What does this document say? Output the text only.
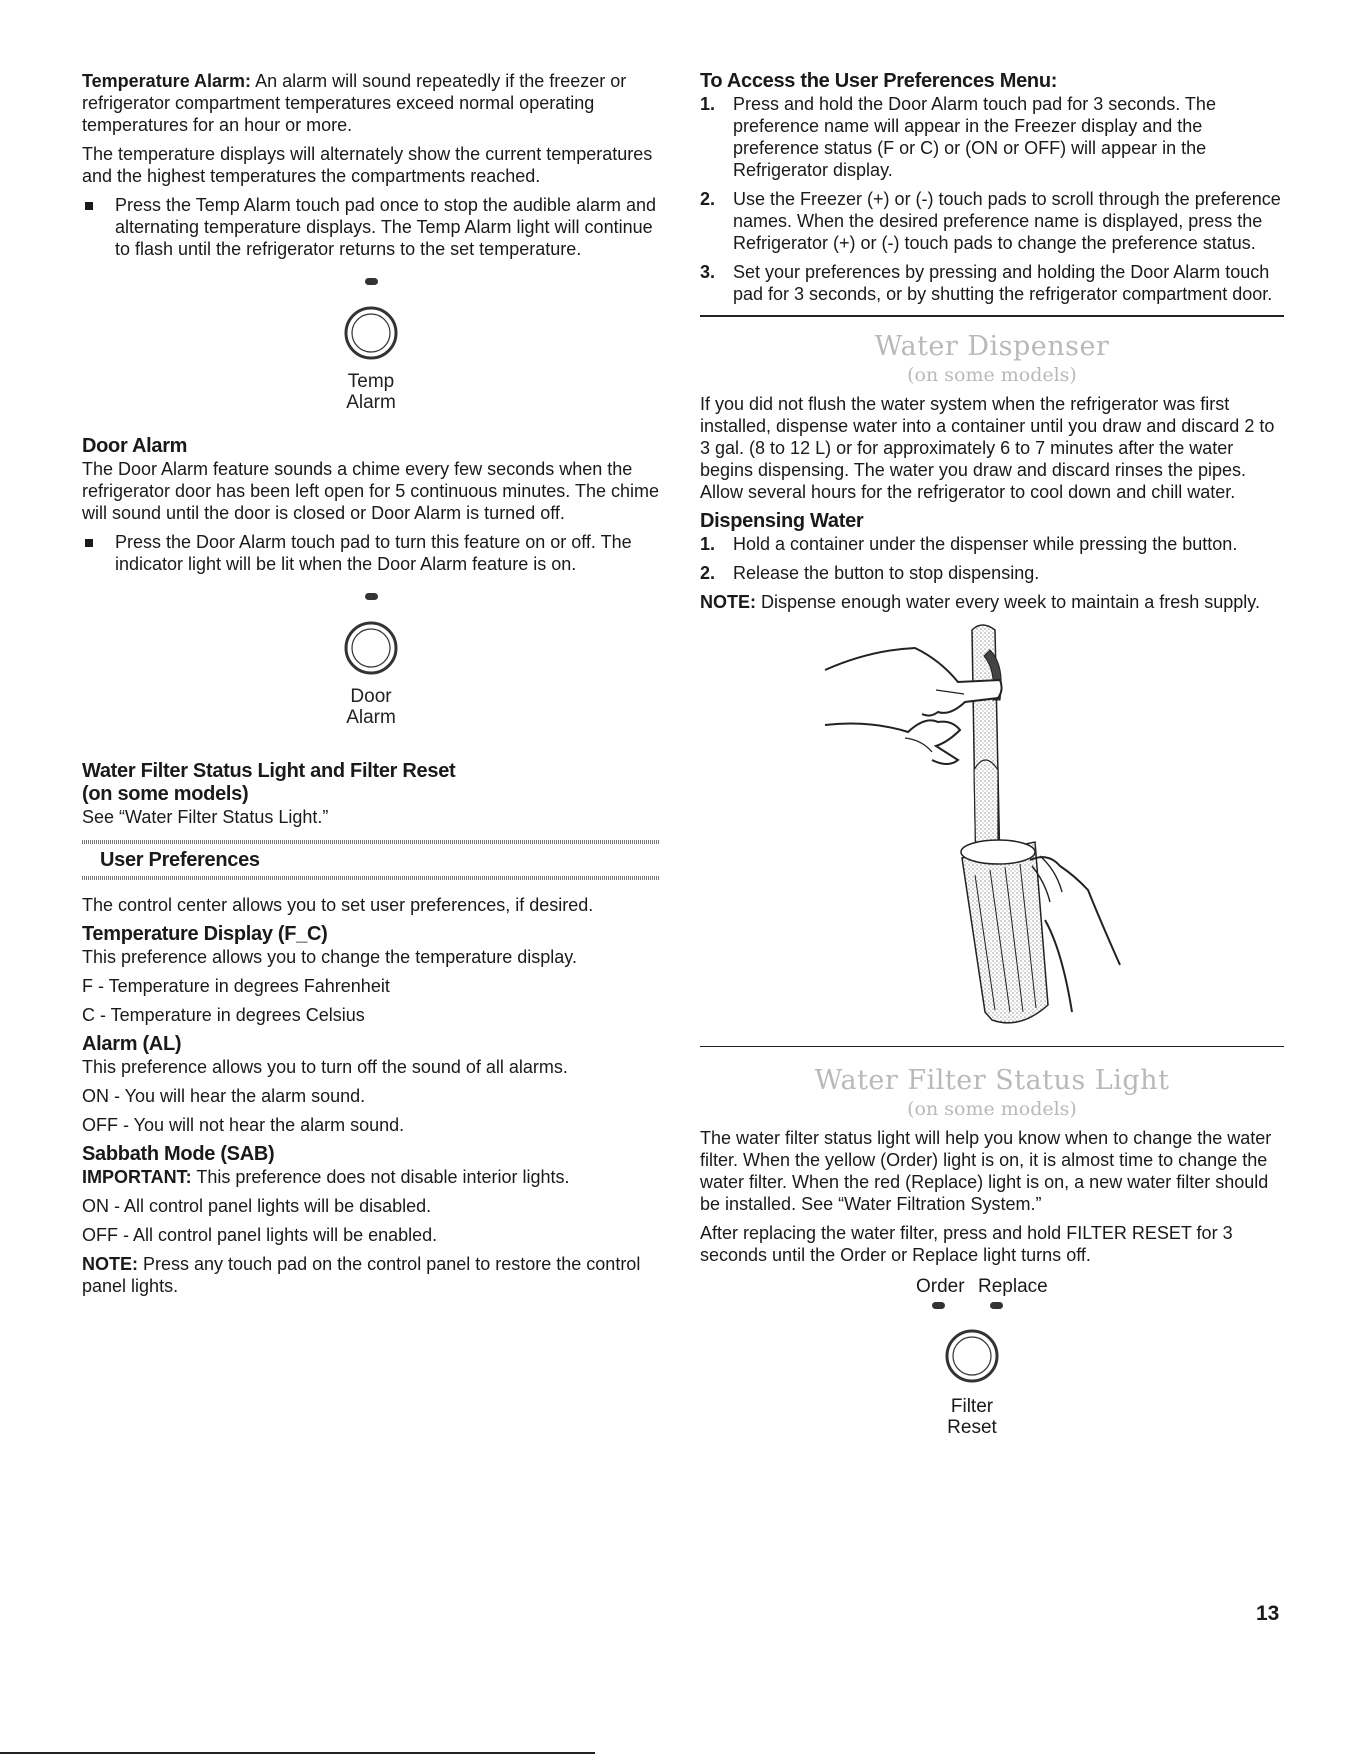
Temperature Alarm: An alarm will sound repeatedly if the freezer or refrigerator compartment temperatures exceed normal operating temperatures for an hour or more.

The temperature displays will alternately show the current temperatures and the highest temperatures the compartments reached.

Press the Temp Alarm touch pad once to stop the audible alarm and alternating temperature displays. The Temp Alarm light will continue to flash until the refrigerator returns to the set temperature.
Temp
Alarm
Door Alarm

The Door Alarm feature sounds a chime every few seconds when the refrigerator door has been left open for 5 continuous minutes. The chime will sound until the door is closed or Door Alarm is turned off.

Press the Door Alarm touch pad to turn this feature on or off. The indicator light will be lit when the Door Alarm feature is on.
Door
Alarm
Water Filter Status Light and Filter Reset
(on some models)

See “Water Filter Status Light.”

User Preferences

The control center allows you to set user preferences, if desired.

Temperature Display (F_C)

This preference allows you to change the temperature display.

F - Temperature in degrees Fahrenheit

C - Temperature in degrees Celsius

Alarm (AL)

This preference allows you to turn off the sound of all alarms.

ON - You will hear the alarm sound.

OFF - You will not hear the alarm sound.

Sabbath Mode (SAB)

IMPORTANT: This preference does not disable interior lights.

ON - All control panel lights will be disabled.

OFF - All control panel lights will be enabled.

NOTE: Press any touch pad on the control panel to restore the control panel lights.

To Access the User Preferences Menu:
1. Press and hold the Door Alarm touch pad for 3 seconds. The preference name will appear in the Freezer display and the preference status (F or C) or (ON or OFF) will appear in the Refrigerator display.
2. Use the Freezer (+) or (-) touch pads to scroll through the preference names. When the desired preference name is displayed, press the Refrigerator (+) or (-) touch pads to change the preference status.
3. Set your preferences by pressing and holding the Door Alarm touch pad for 3 seconds, or by shutting the refrigerator compartment door.
Water Dispenser
(on some models)

If you did not flush the water system when the refrigerator was first installed, dispense water into a container until you draw and discard 2 to 3 gal. (8 to 12 L) or for approximately 6 to 7 minutes after the water begins dispensing. The water you draw and discard rinses the pipes. Allow several hours for the refrigerator to cool down and chill water.

Dispensing Water
1. Hold a container under the dispenser while pressing the button.
2. Release the button to stop dispensing.

NOTE: Dispense enough water every week to maintain a fresh supply.

Water Filter Status Light
(on some models)

The water filter status light will help you know when to change the water filter. When the yellow (Order) light is on, it is almost time to change the water filter. When the red (Replace) light is on, a new water filter should be installed. See “Water Filtration System.”

After replacing the water filter, press and hold FILTER RESET for 3 seconds until the Order or Replace light turns off.

Order Replace
Filter
Reset
13
